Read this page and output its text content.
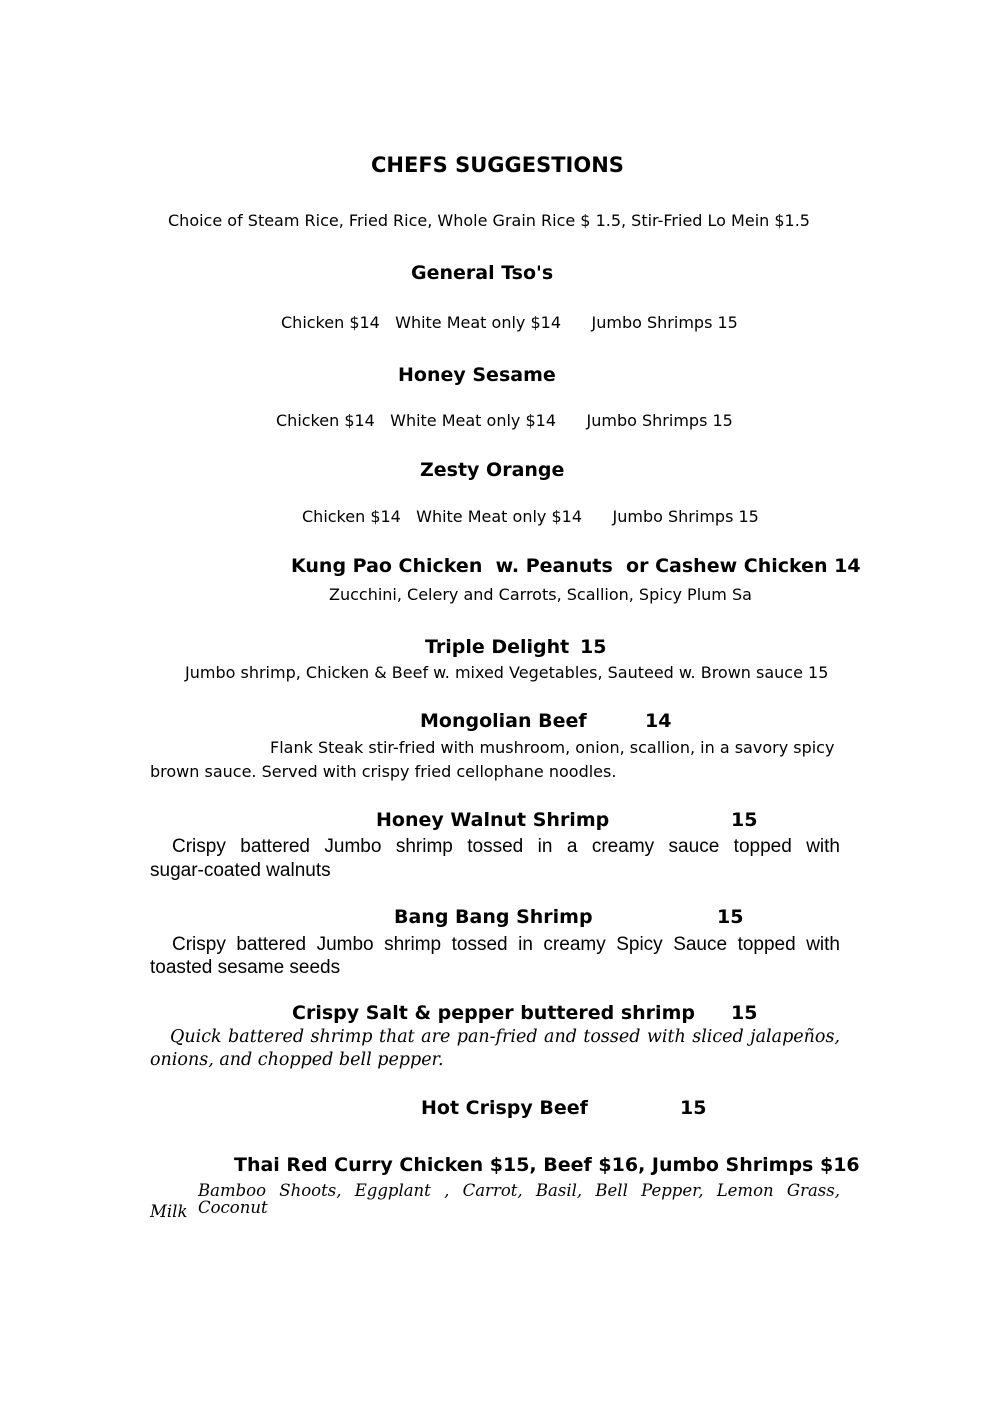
CHEFS SUGGESTIONS

Choice of Steam Rice, Fried Rice, Whole Grain Rice $ 1.5, Stir-Fried Lo Mein $1.5

General Tso's

Chicken $14   White Meat only $14      Jumbo Shrimps 15

Honey Sesame

Chicken $14   White Meat only $14      Jumbo Shrimps 15

Zesty Orange

Chicken $14   White Meat only $14      Jumbo Shrimps 15

Kung Pao Chicken  w. Peanuts  or Cashew Chicken 14

Zucchini, Celery and Carrots, Scallion, Spicy Plum Sa

Triple Delight 15

Jumbo shrimp, Chicken & Beef w. mixed Vegetables, Sauteed w. Brown sauce 15

Mongolian Beef	14

Flank Steak stir-fried with mushroom, onion, scallion, in a savory spicy

brown sauce. Served with crispy fried cellophane noodles.

Honey Walnut Shrimp	15

Crispy battered Jumbo shrimp tossed in a creamy sauce topped with

sugar-coated walnuts

Bang Bang Shrimp	15

Crispy battered Jumbo shrimp tossed in creamy Spicy Sauce topped with

toasted sesame seeds

Crispy Salt & pepper buttered shrimp 15

Quick battered shrimp that are pan-fried and tossed with sliced jalapeños,

onions, and chopped bell pepper.

Hot Crispy Beef	15
Thai Red Curry Chicken $15, Beef $16, Jumbo Shrimps $16

Bamboo Shoots, Eggplant , Carrot, Basil, Bell Pepper, Lemon Grass, Coconut

Milk
